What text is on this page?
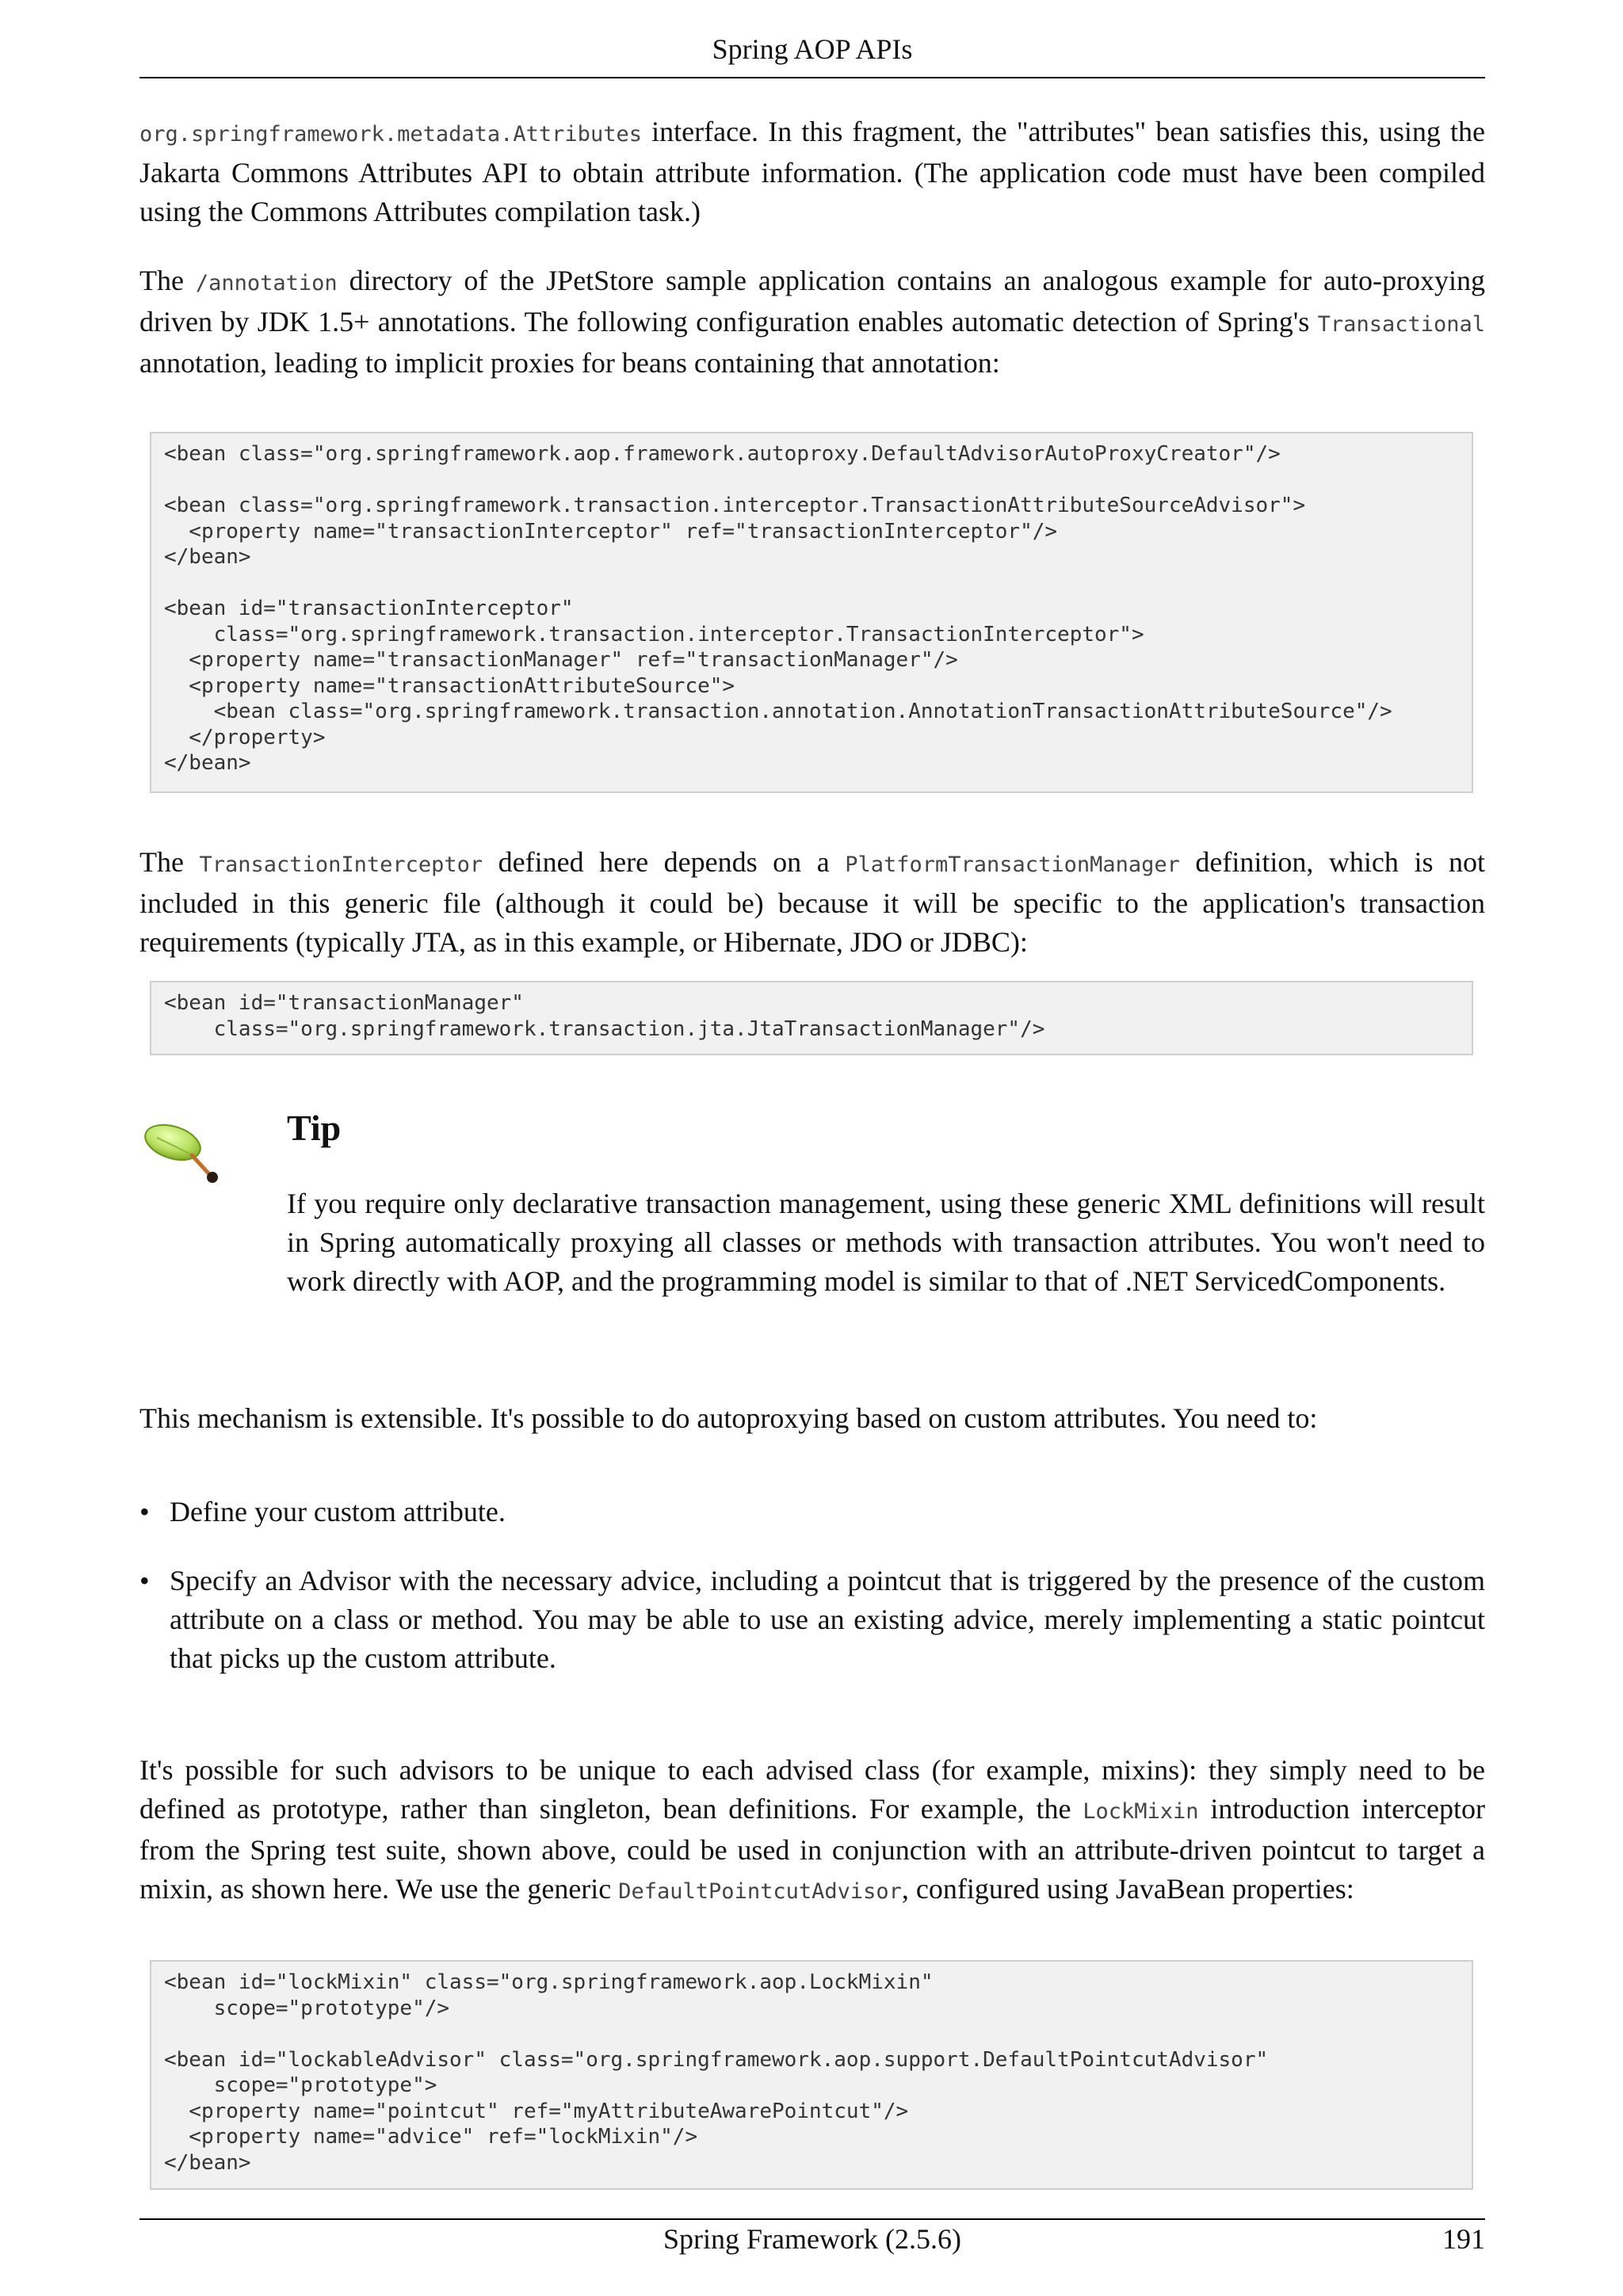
Spring AOP APIs

org.springframework.metadata.Attributes interface. In this fragment, the "attributes" bean satisfies this, using the Jakarta Commons Attributes API to obtain attribute information. (The application code must have been compiled using the Commons Attributes compilation task.)

The /annotation directory of the JPetStore sample application contains an analogous example for auto-proxying driven by JDK 1.5+ annotations. The following configuration enables automatic detection of Spring's Transactional annotation, leading to implicit proxies for beans containing that annotation:

<bean class="org.springframework.aop.framework.autoproxy.DefaultAdvisorAutoProxyCreator"/>

<bean class="org.springframework.transaction.interceptor.TransactionAttributeSourceAdvisor">
<property name="transactionInterceptor" ref="transactionInterceptor"/>
</bean>

<bean id="transactionInterceptor"
class="org.springframework.transaction.interceptor.TransactionInterceptor">
<property name="transactionManager" ref="transactionManager"/>
<property name="transactionAttributeSource">
<bean class="org.springframework.transaction.annotation.AnnotationTransactionAttributeSource"/>
</property>
</bean>

The TransactionInterceptor defined here depends on a PlatformTransactionManager definition, which is not included in this generic file (although it could be) because it will be specific to the application's transaction requirements (typically JTA, as in this example, or Hibernate, JDO or JDBC):

<bean id="transactionManager"
class="org.springframework.transaction.jta.JtaTransactionManager"/>
Tip

If you require only declarative transaction management, using these generic XML definitions will result in Spring automatically proxying all classes or methods with transaction attributes. You won't need to work directly with AOP, and the programming model is similar to that of .NET ServicedComponents.

This mechanism is extensible. It's possible to do autoproxying based on custom attributes. You need to:

• Define your custom attribute.
• Specify an Advisor with the necessary advice, including a pointcut that is triggered by the presence of the custom attribute on a class or method. You may be able to use an existing advice, merely implementing a static pointcut that picks up the custom attribute.

It's possible for such advisors to be unique to each advised class (for example, mixins): they simply need to be defined as prototype, rather than singleton, bean definitions. For example, the LockMixin introduction interceptor from the Spring test suite, shown above, could be used in conjunction with an attribute-driven pointcut to target a mixin, as shown here. We use the generic DefaultPointcutAdvisor, configured using JavaBean properties:

<bean id="lockMixin" class="org.springframework.aop.LockMixin"
scope="prototype"/>

<bean id="lockableAdvisor" class="org.springframework.aop.support.DefaultPointcutAdvisor"
scope="prototype">
<property name="pointcut" ref="myAttributeAwarePointcut"/>
<property name="advice" ref="lockMixin"/>
</bean>
Spring Framework (2.5.6)	191
